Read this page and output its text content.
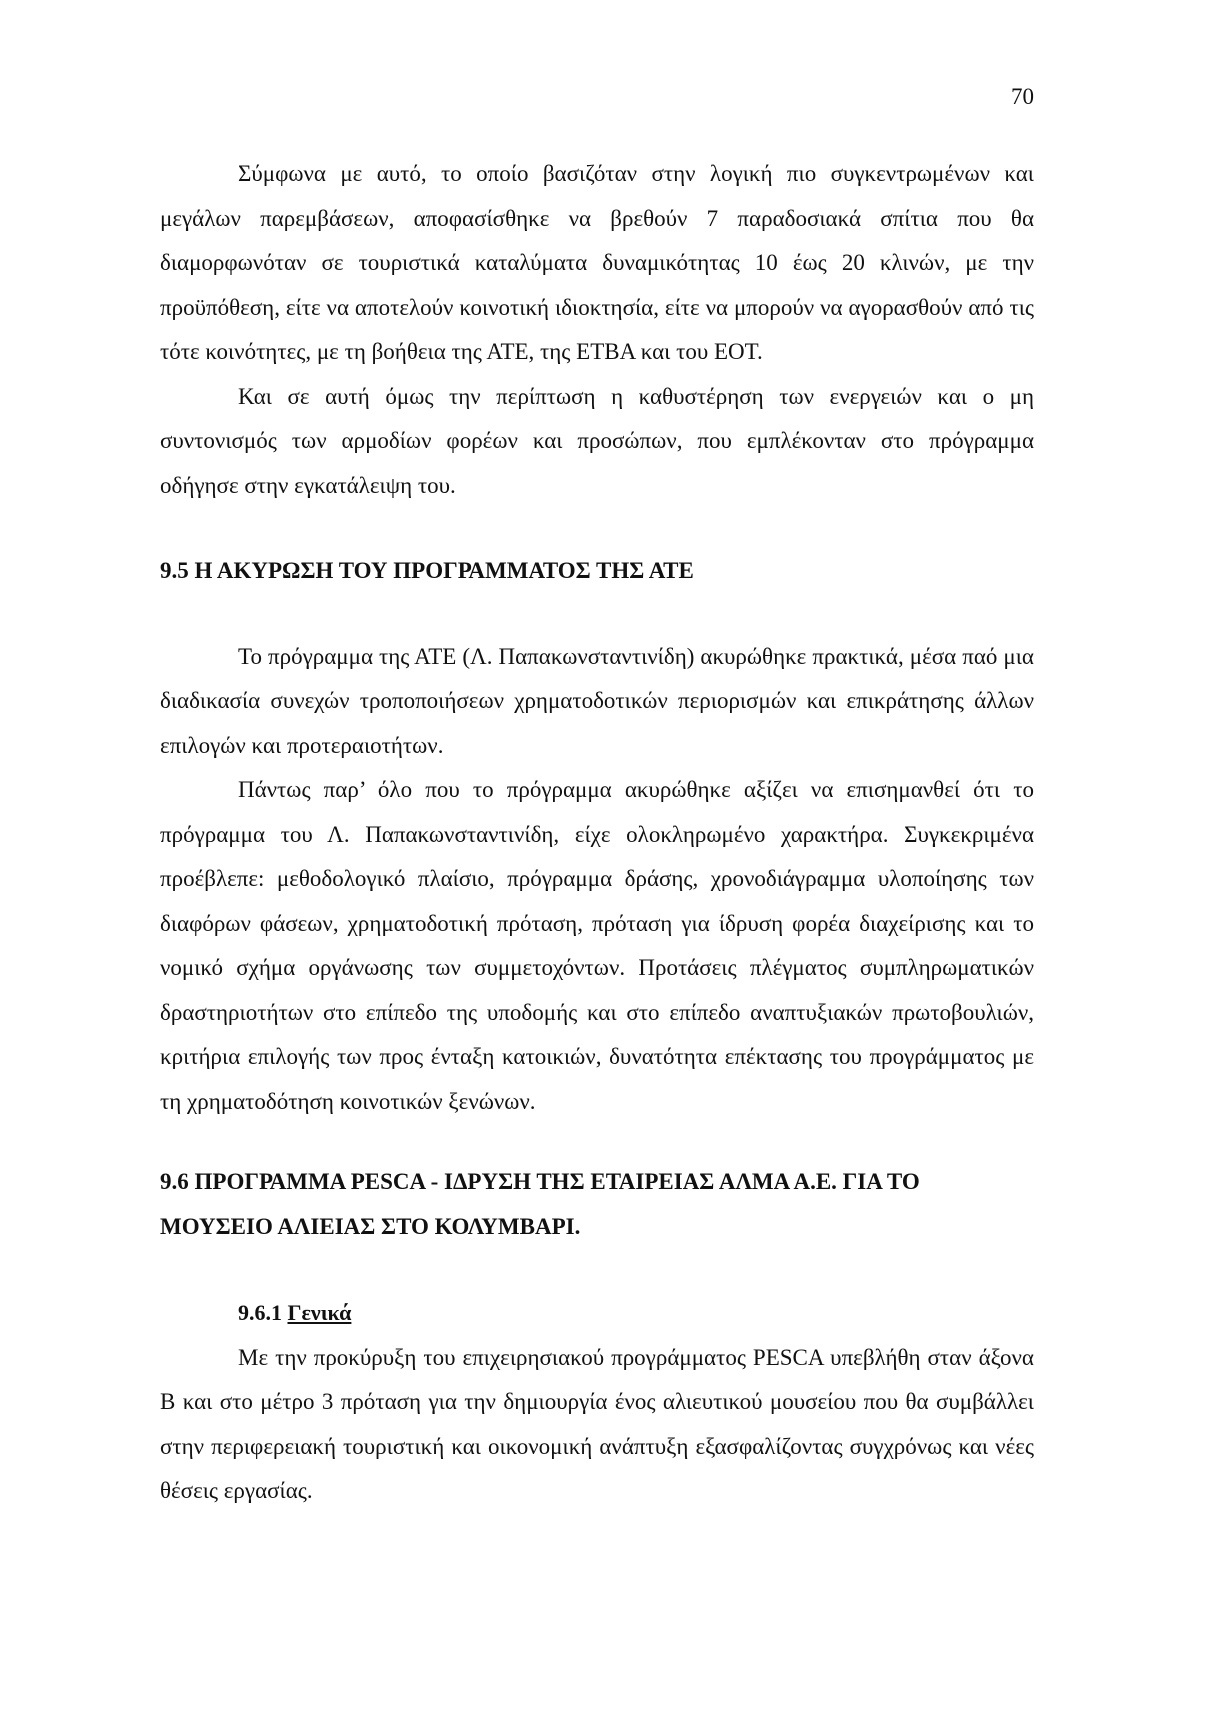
70

Σύμφωνα με αυτό, το οποίο βασιζόταν στην λογική πιο συγκεντρωμένων και μεγάλων παρεμβάσεων, αποφασίσθηκε να βρεθούν 7 παραδοσιακά σπίτια που θα διαμορφωνόταν σε τουριστικά καταλύματα δυναμικότητας 10 έως 20 κλινών, με την προϋπόθεση, είτε να αποτελούν κοινοτική ιδιοκτησία, είτε να μπορούν να αγορασθούν από τις τότε κοινότητες, με τη βοήθεια της ΑΤΕ, της ΕΤΒΑ και του ΕΟΤ.

Και σε αυτή όμως την περίπτωση η καθυστέρηση των ενεργειών και ο μη συντονισμός των αρμοδίων φορέων και προσώπων, που εμπλέκονταν στο πρόγραμμα οδήγησε στην εγκατάλειψη του.

9.5 Η ΑΚΥΡΩΣΗ ΤΟΥ ΠΡΟΓΡΑΜΜΑΤΟΣ ΤΗΣ ΑΤΕ

Το πρόγραμμα της ΑΤΕ (Λ. Παπακωνσταντινίδη) ακυρώθηκε πρακτικά, μέσα παό μια διαδικασία συνεχών τροποποιήσεων χρηματοδοτικών περιορισμών και επικράτησης άλλων επιλογών και προτεραιοτήτων.

Πάντως παρ’ όλο που το πρόγραμμα ακυρώθηκε αξίζει να επισημανθεί ότι το πρόγραμμα του Λ. Παπακωνσταντινίδη, είχε ολοκληρωμένο χαρακτήρα. Συγκεκριμένα προέβλεπε: μεθοδολογικό πλαίσιο, πρόγραμμα δράσης, χρονοδιάγραμμα υλοποίησης των διαφόρων φάσεων, χρηματοδοτική πρόταση, πρόταση για ίδρυση φορέα διαχείρισης και το νομικό σχήμα οργάνωσης των συμμετοχόντων. Προτάσεις πλέγματος συμπληρωματικών δραστηριοτήτων στο επίπεδο της υποδομής και στο επίπεδο αναπτυξιακών πρωτοβουλιών, κριτήρια επιλογής των προς ένταξη κατοικιών, δυνατότητα επέκτασης του προγράμματος με τη χρηματοδότηση κοινοτικών ξενώνων.

9.6 ΠΡΟΓΡΑΜΜΑ PESCA - ΙΔΡΥΣΗ ΤΗΣ ΕΤΑΙΡΕΙΑΣ ΑΛΜΑ Α.Ε. ΓΙΑ ΤΟ ΜΟΥΣΕΙΟ ΑΛΙΕΙΑΣ ΣΤΟ ΚΟΛΥΜΒΑΡΙ.
9.6.1 Γενικά

Με την προκύρυξη του επιχειρησιακού προγράμματος PESCA υπεβλήθη σταν άξονα Β και στο μέτρο 3 πρόταση για την δημιουργία ένος αλιευτικού μουσείου που θα συμβάλλει στην περιφερειακή τουριστική και οικονομική ανάπτυξη εξασφαλίζοντας συγχρόνως και νέες θέσεις εργασίας.
